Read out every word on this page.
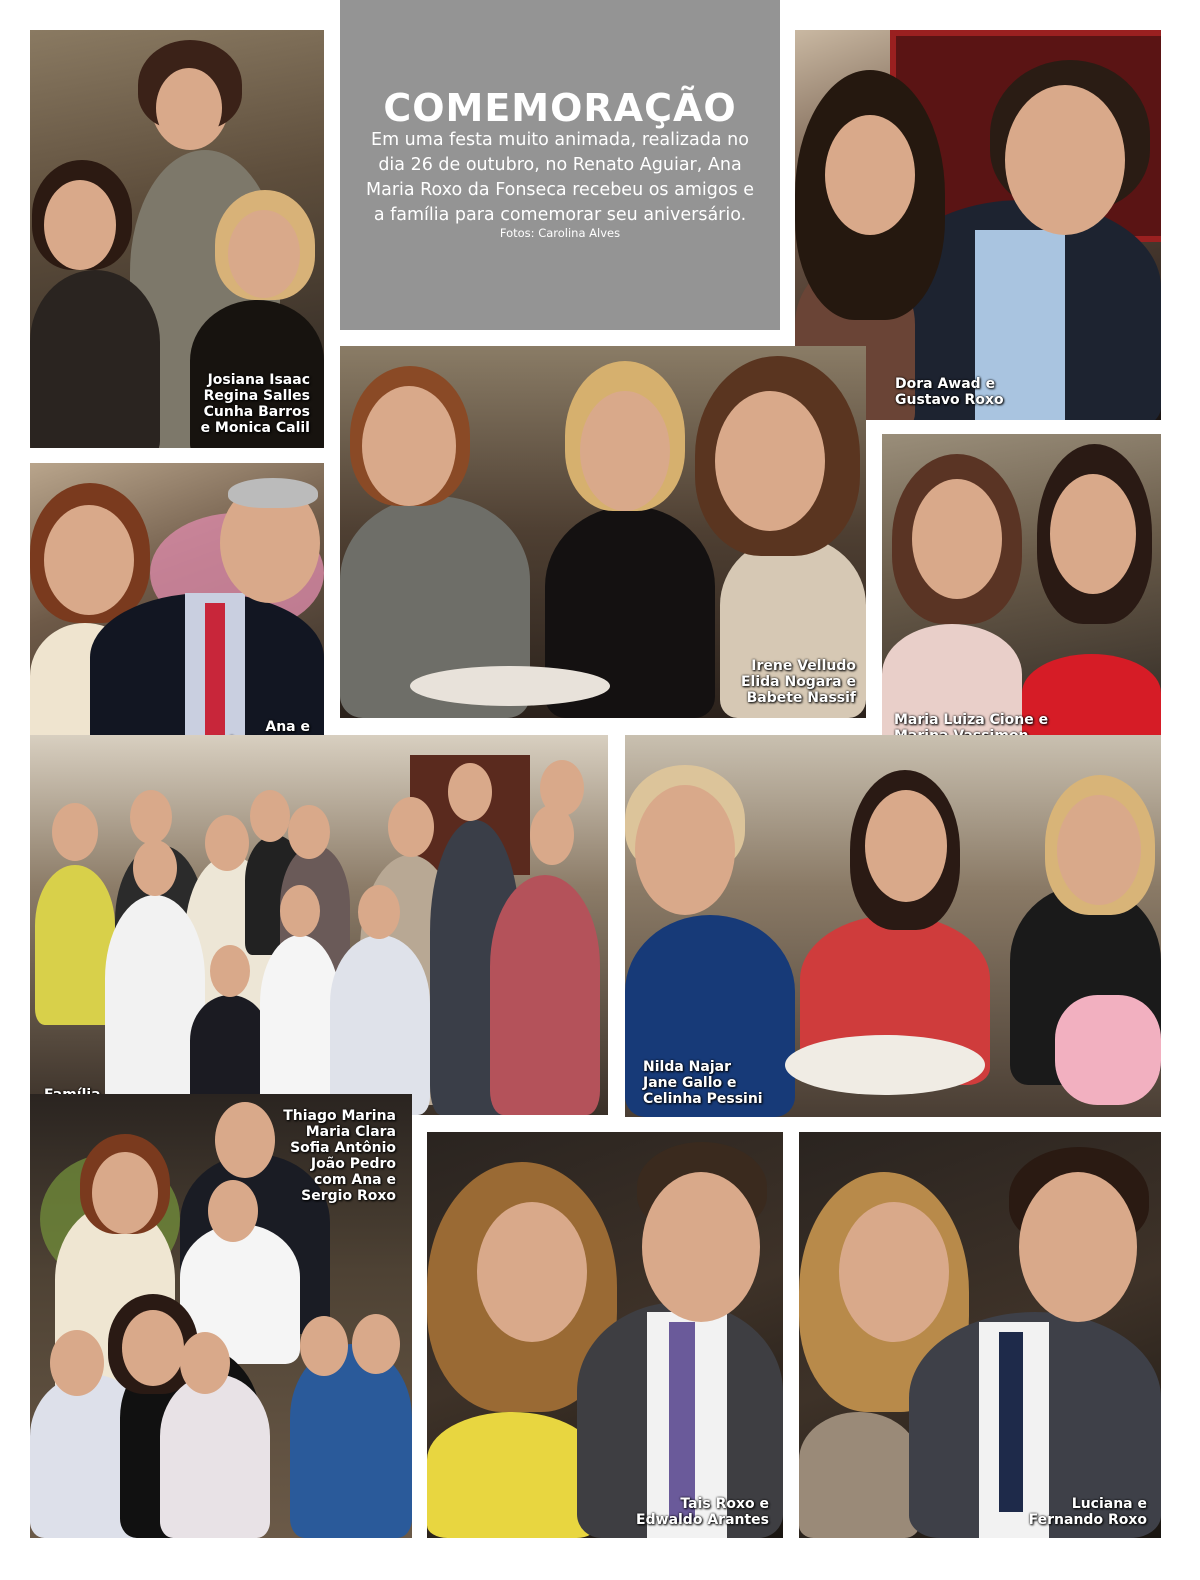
COMEMORAÇÃO
Em uma festa muito animada, realizada no dia 26 de outubro, no Renato Aguiar, Ana Maria Roxo da Fonseca recebeu os amigos e a família para comemorar seu aniversário.
Fotos: Carolina Alves
Josiana Isaac
Regina Salles
Cunha Barros
e Monica Calil
Dora Awad e
Gustavo Roxo
Irene Velludo
Elida Nogara e
Babete Nassif
Ana e	Maria Luiza Cione e

Nilda Najar
Jane Gallo e
Celinha Pessini
Thiago Marina
Maria Clara
Sofia Antônio
João Pedro
com Ana e
Sergio Roxo
Tais Roxo e
Edwaldo Arantes
Luciana e
Fernando Roxo
